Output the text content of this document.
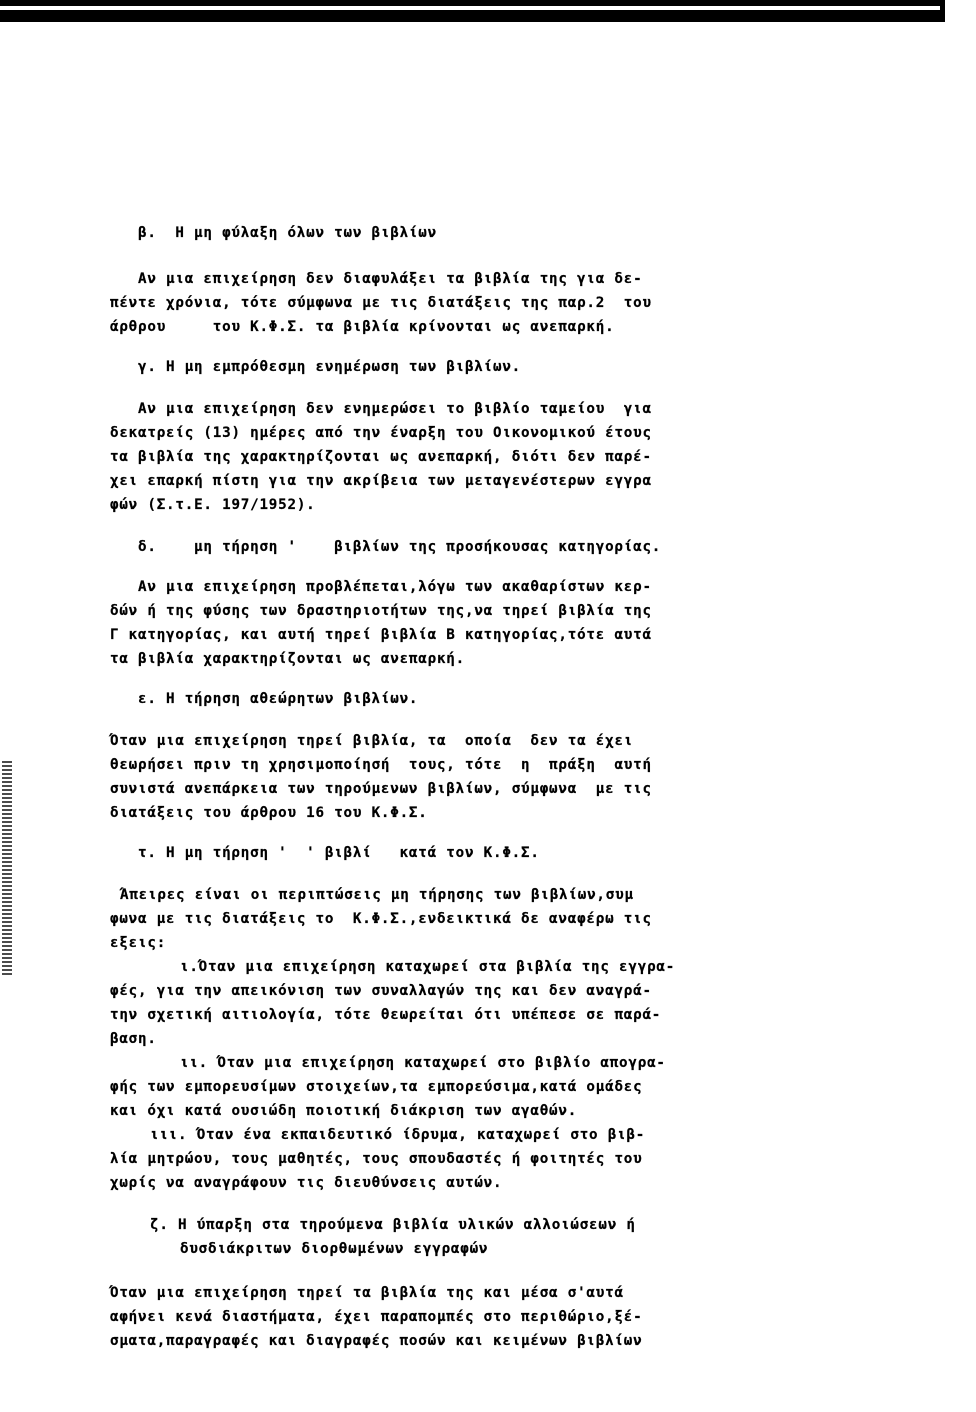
β.  Η μη φύλαξη όλων των βιβλίων
Αν μια επιχείρηση δεν διαφυλάξει τα βιβλία της για δε-
πέντε χρόνια, τότε σύμφωνα με τις διατάξεις της παρ.2  του
άρθρου     του Κ.Φ.Σ. τα βιβλία κρίνονται ως ανεπαρκή.
γ. Η μη εμπρόθεσμη ενημέρωση των βιβλίων.
Αν μια επιχείρηση δεν ενημερώσει το βιβλίο ταμείου  για
δεκατρείς (13) ημέρες από την έναρξη του Οικονομικού έτους
τα βιβλία της χαρακτηρίζονται ως ανεπαρκή, διότι δεν παρέ-
χει επαρκή πίστη για την ακρίβεια των μεταγενέστερων εγγρα
φών (Σ.τ.Ε. 197/1952).
δ.    μη τήρηση '    βιβλίων της προσήκουσας κατηγορίας.
Αν μια επιχείρηση προβλέπεται,λόγω των ακαθαρίστων κερ-
δών ή της φύσης των δραστηριοτήτων της,να τηρεί βιβλία της
Γ κατηγορίας, και αυτή τηρεί βιβλία Β κατηγορίας,τότε αυτά
τα βιβλία χαρακτηρίζονται ως ανεπαρκή.
ε. Η τήρηση αθεώρητων βιβλίων.
Όταν μια επιχείρηση τηρεί βιβλία, τα  οποία  δεν τα έχει
θεωρήσει πριν τη χρησιμοποίησή  τους, τότε  η  πράξη  αυτή
συνιστά ανεπάρκεια των τηρούμενων βιβλίων, σύμφωνα  με τις
διατάξεις του άρθρου 16 του Κ.Φ.Σ.
τ. Η μη τήρηση '  ' βιβλί   κατά τον Κ.Φ.Σ.
Άπειρες είναι οι περιπτώσεις μη τήρησης των βιβλίων,συμ
φωνα με τις διατάξεις το  Κ.Φ.Σ.,ενδεικτικά δε αναφέρω τις
εξεις:
ι.Όταν μια επιχείρηση καταχωρεί στα βιβλία της εγγρα-
φές, για την απεικόνιση των συναλλαγών της και δεν αναγρά-
την σχετική αιτιολογία, τότε θεωρείται ότι υπέπεσε σε παρά-
βαση.
ιι. Όταν μια επιχείρηση καταχωρεί στο βιβλίο απογρα-
φής των εμπορευσίμων στοιχείων,τα εμπορεύσιμα,κατά ομάδες
και όχι κατά ουσιώδη ποιοτική διάκριση των αγαθών.
ιιι. Όταν ένα εκπαιδευτικό ίδρυμα, καταχωρεί στο βιβ-
λία μητρώου, τους μαθητές, τους σπουδαστές ή φοιτητές του
χωρίς να αναγράφουν τις διευθύνσεις αυτών.
ζ. Η ύπαρξη στα τηρούμενα βιβλία υλικών αλλοιώσεων ή
δυσδιάκριτων διορθωμένων εγγραφών
Όταν μια επιχείρηση τηρεί τα βιβλία της και μέσα σ'αυτά
αφήνει κενά διαστήματα, έχει παραπομπές στο περιθώριο,ξέ-
σματα,παραγραφές και διαγραφές ποσών και κειμένων βιβλίων
